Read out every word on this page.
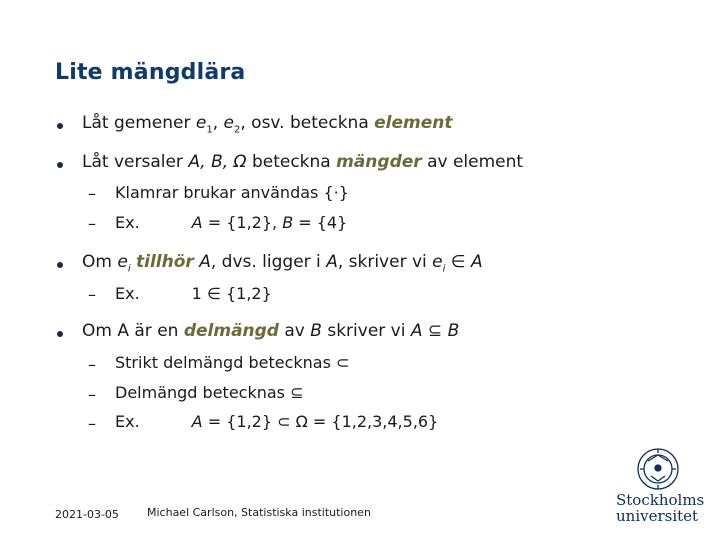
Lite mängdlära
Låt gemener $e_1$, $e_2$, osv. beteckna element
Låt versaler A, B, Ω beteckna mängder av element
– Klamrar brukar användas {·}
– Ex.	A = {1,2}, B = {4}
Om $e_i$ tillhör A, dvs. ligger i A, skriver vi $e_i$ ∈ A
– Ex.	1 ∈ {1,2}
Om A är en delmängd av B skriver vi A ⊆ B
– Strikt delmängd betecknas ⊂
– Delmängd betecknas ⊆
– Ex.	A = {1,2} ⊂ Ω = {1,2,3,4,5,6}
2021-03-05	Michael Carlson, Statistiska institutionen
Stockholms
universitet
